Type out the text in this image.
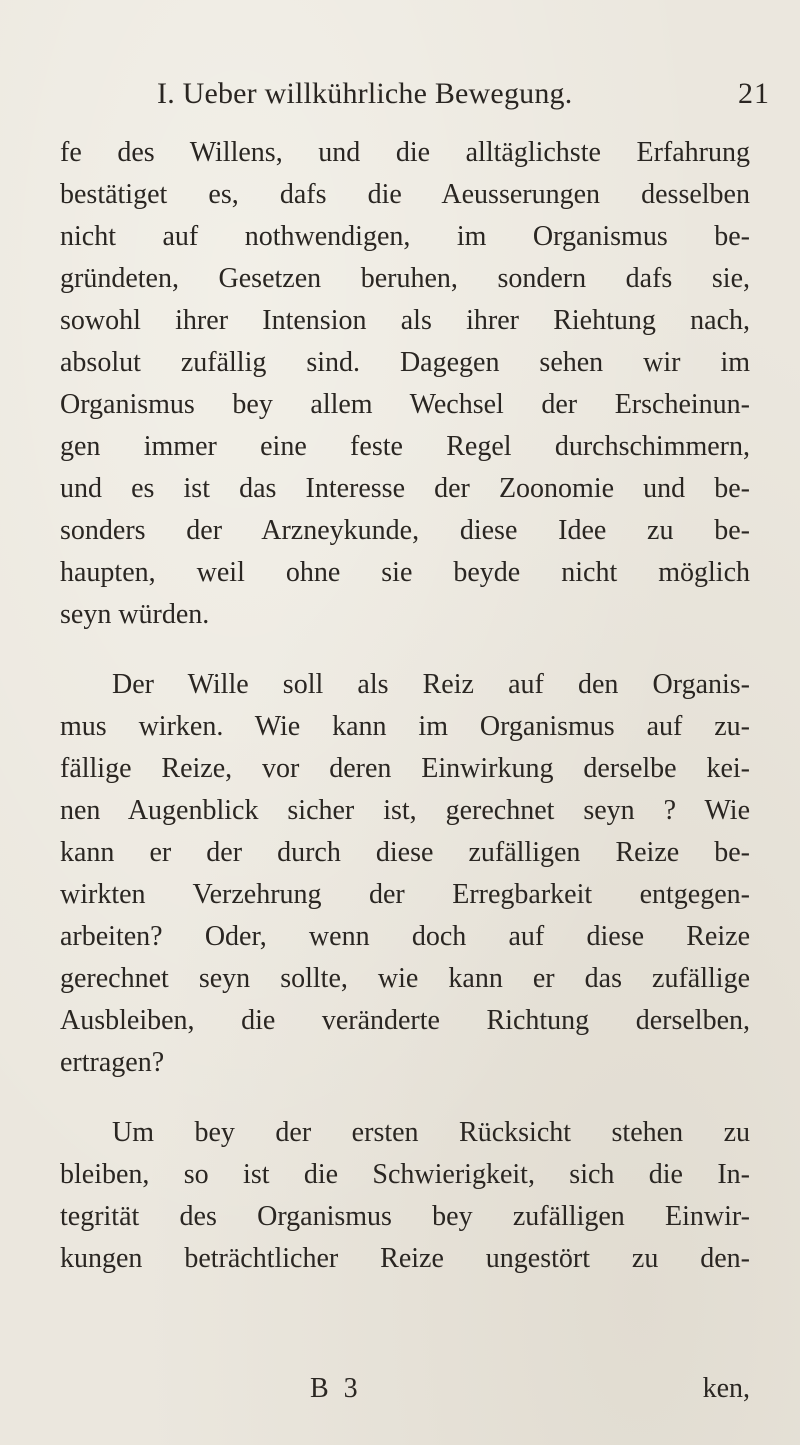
I. Ueber willkührliche Bewegung.	21
fe des Willens, und die alltäglichste Erfahrung
bestätiget es, dafs die Aeusserungen desselben
nicht auf nothwendigen, im Organismus be-
gründeten, Gesetzen beruhen, sondern dafs sie,
sowohl ihrer Intension als ihrer Riehtung nach,
absolut zufällig sind. Dagegen sehen wir im
Organismus bey allem Wechsel der Erscheinun-
gen immer eine feste Regel durchschimmern,
und es ist das Interesse der Zoonomie und be-
sonders der Arzneykunde, diese Idee zu be-
haupten, weil ohne sie beyde nicht möglich
seyn würden.
Der Wille soll als Reiz auf den Organis-
mus wirken. Wie kann im Organismus auf zu-
fällige Reize, vor deren Einwirkung derselbe kei-
nen Augenblick sicher ist, gerechnet seyn ? Wie
kann er der durch diese zufälligen Reize be-
wirkten Verzehrung der Erregbarkeit entgegen-
arbeiten? Oder, wenn doch auf diese Reize
gerechnet seyn sollte, wie kann er das zufällige
Ausbleiben, die veränderte Richtung derselben,
ertragen?
Um bey der ersten Rücksicht stehen zu
bleiben, so ist die Schwierigkeit, sich die In-
tegrität des Organismus bey zufälligen Einwir-
kungen beträchtlicher Reize ungestört zu den-
B 3	ken,
